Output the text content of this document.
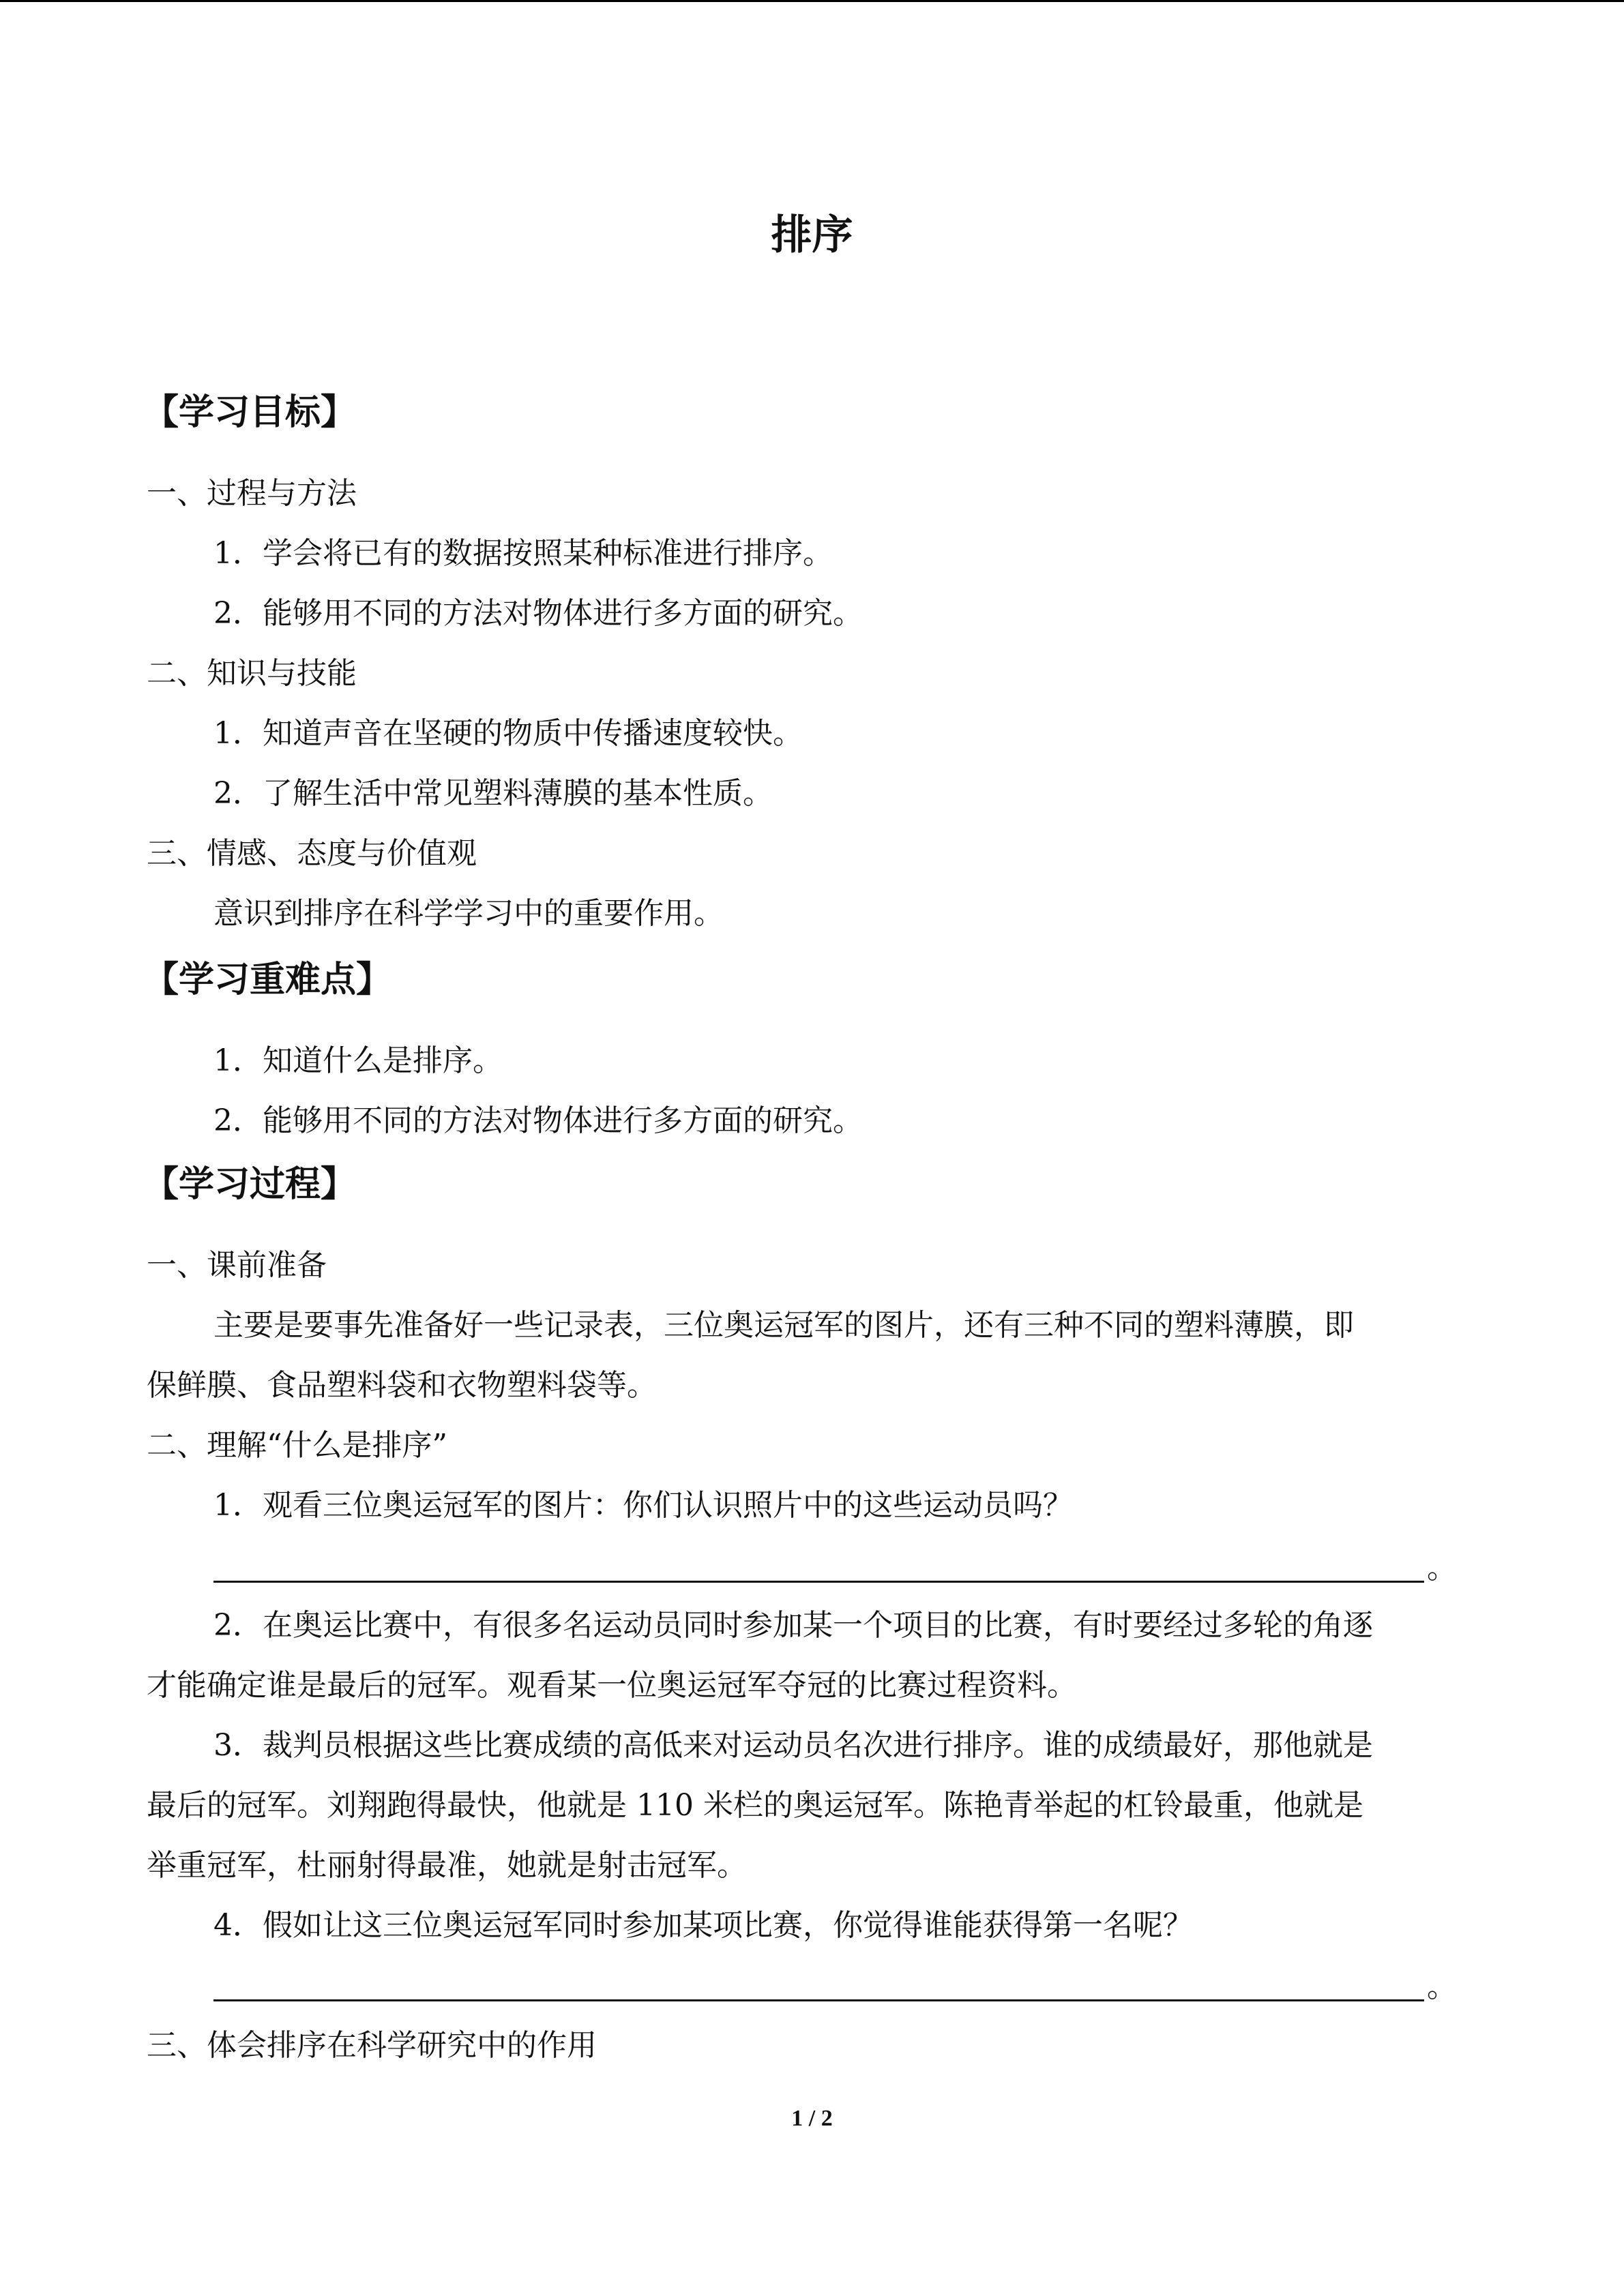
排序
【学习目标】
一、过程与方法
1．学会将已有的数据按照某种标准进行排序。
2．能够用不同的方法对物体进行多方面的研究。
二、知识与技能
1．知道声音在坚硬的物质中传播速度较快。
2．了解生活中常见塑料薄膜的基本性质。
三、情感、态度与价值观
意识到排序在科学学习中的重要作用。
【学习重难点】
1．知道什么是排序。
2．能够用不同的方法对物体进行多方面的研究。
【学习过程】
一、课前准备
主要是要事先准备好一些记录表，三位奥运冠军的图片，还有三种不同的塑料薄膜，即
保鲜膜、食品塑料袋和衣物塑料袋等。
二、理解“什么是排序”
1．观看三位奥运冠军的图片：你们认识照片中的这些运动员吗？
。
2．在奥运比赛中，有很多名运动员同时参加某一个项目的比赛，有时要经过多轮的角逐
才能确定谁是最后的冠军。观看某一位奥运冠军夺冠的比赛过程资料。
3．裁判员根据这些比赛成绩的高低来对运动员名次进行排序。谁的成绩最好，那他就是
最后的冠军。刘翔跑得最快，他就是 110 米栏的奥运冠军。陈艳青举起的杠铃最重，他就是
举重冠军，杜丽射得最准，她就是射击冠军。
4．假如让这三位奥运冠军同时参加某项比赛，你觉得谁能获得第一名呢？
。
三、体会排序在科学研究中的作用
1 / 2
